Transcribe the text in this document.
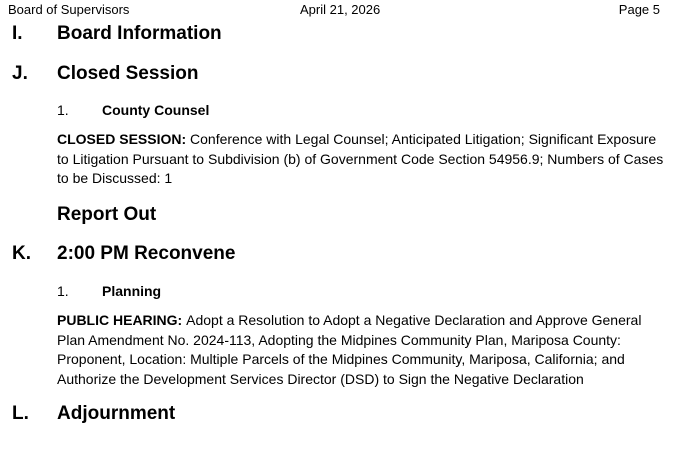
Board of Supervisors	April 21, 2026	Page 5
I. Board Information
J. Closed Session
1. County Counsel
CLOSED SESSION: Conference with Legal Counsel; Anticipated Litigation; Significant Exposure to Litigation Pursuant to Subdivision (b) of Government Code Section 54956.9; Numbers of Cases to be Discussed: 1
Report Out
K. 2:00 PM Reconvene
1. Planning
PUBLIC HEARING: Adopt a Resolution to Adopt a Negative Declaration and Approve General Plan Amendment No. 2024-113, Adopting the Midpines Community Plan, Mariposa County: Proponent, Location: Multiple Parcels of the Midpines Community, Mariposa, California; and Authorize the Development Services Director (DSD) to Sign the Negative Declaration
L. Adjournment
